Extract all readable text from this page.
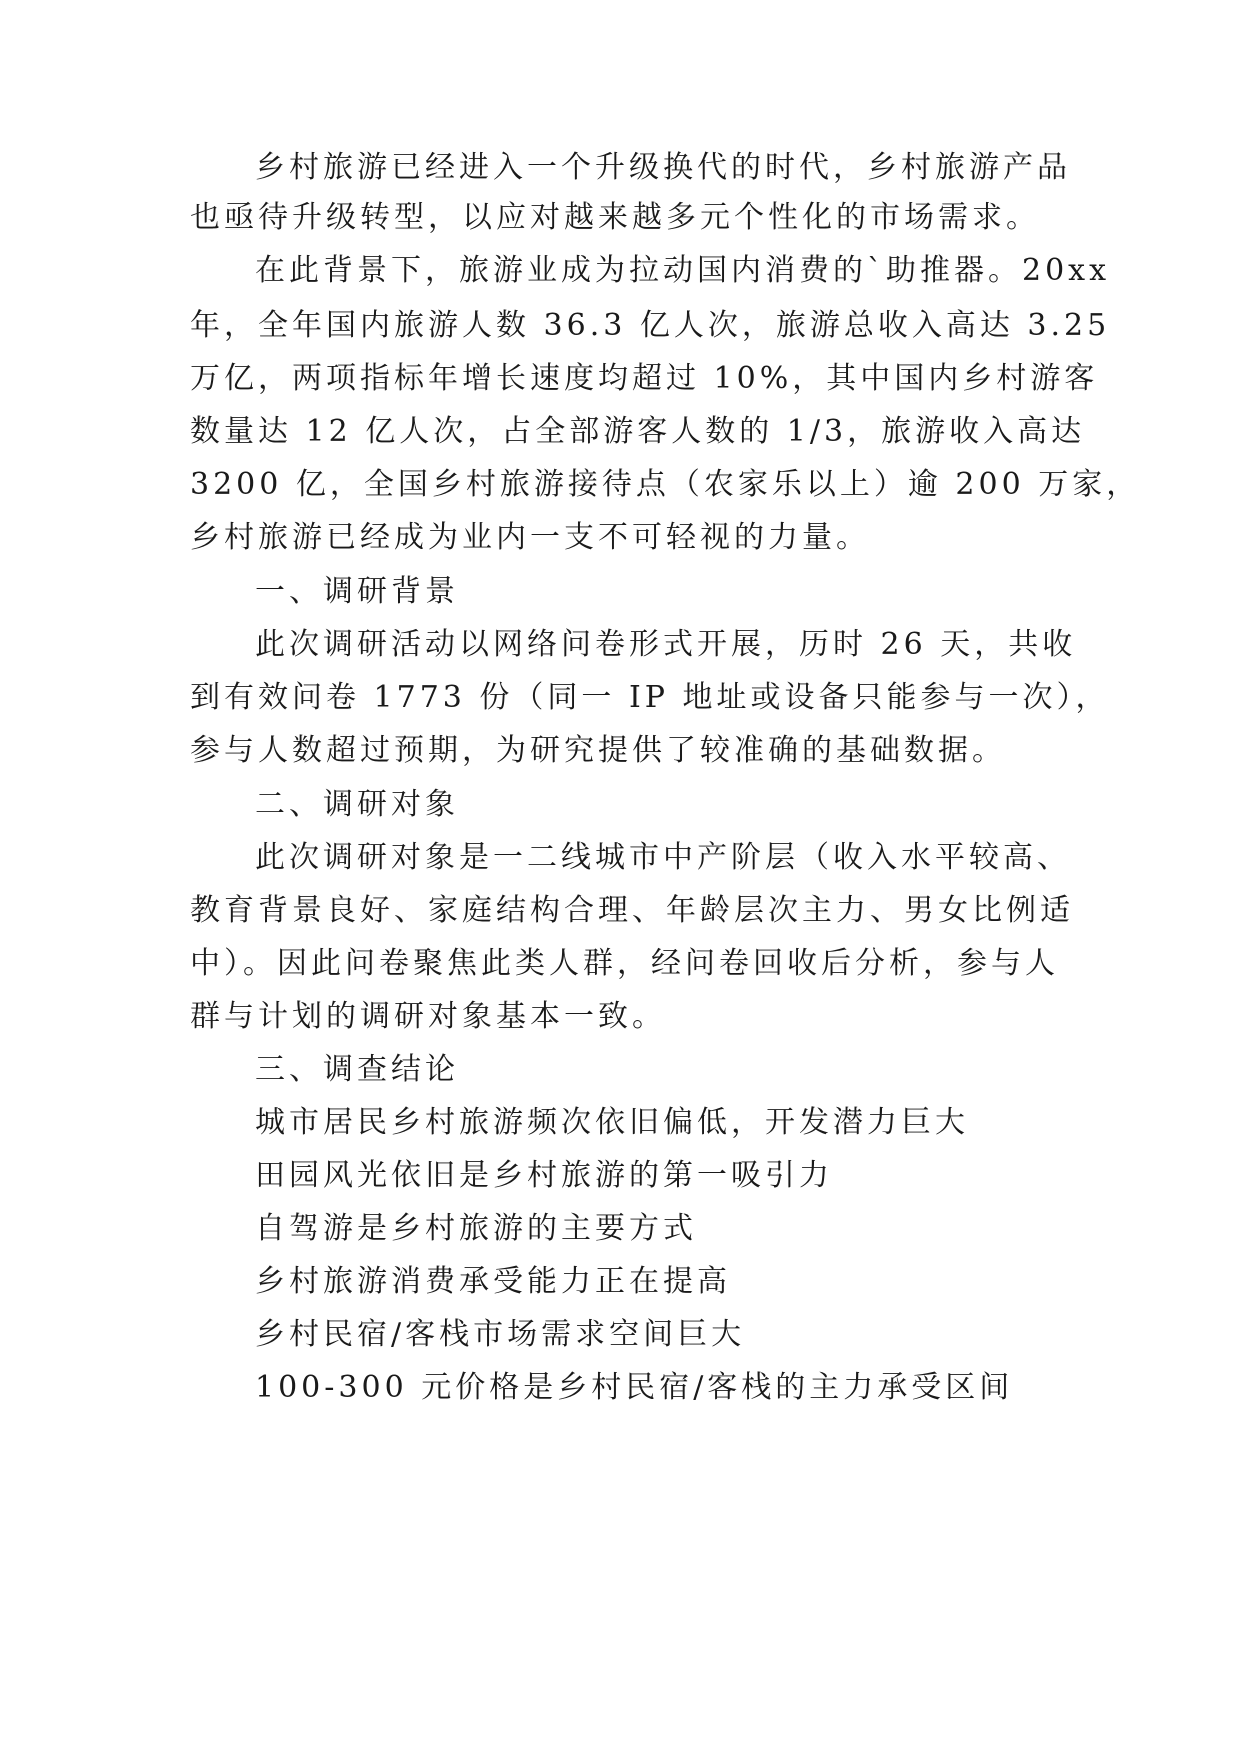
乡村旅游已经进入一个升级换代的时代，乡村旅游产品
也亟待升级转型，以应对越来越多元个性化的市场需求。
在此背景下，旅游业成为拉动国内消费的`助推器。20xx
年，全年国内旅游人数 36.3 亿人次，旅游总收入高达 3.25
万亿，两项指标年增长速度均超过 10%，其中国内乡村游客
数量达 12 亿人次，占全部游客人数的 1/3，旅游收入高达
3200 亿，全国乡村旅游接待点（农家乐以上）逾 200 万家，
乡村旅游已经成为业内一支不可轻视的力量。
一、调研背景
此次调研活动以网络问卷形式开展，历时 26 天，共收
到有效问卷 1773 份（同一 IP 地址或设备只能参与一次），
参与人数超过预期，为研究提供了较准确的基础数据。
二、调研对象
此次调研对象是一二线城市中产阶层（收入水平较高、
教育背景良好、家庭结构合理、年龄层次主力、男女比例适
中）。因此问卷聚焦此类人群，经问卷回收后分析，参与人
群与计划的调研对象基本一致。
三、调查结论
城市居民乡村旅游频次依旧偏低，开发潜力巨大
田园风光依旧是乡村旅游的第一吸引力
自驾游是乡村旅游的主要方式
乡村旅游消费承受能力正在提高
乡村民宿/客栈市场需求空间巨大
100-300 元价格是乡村民宿/客栈的主力承受区间
